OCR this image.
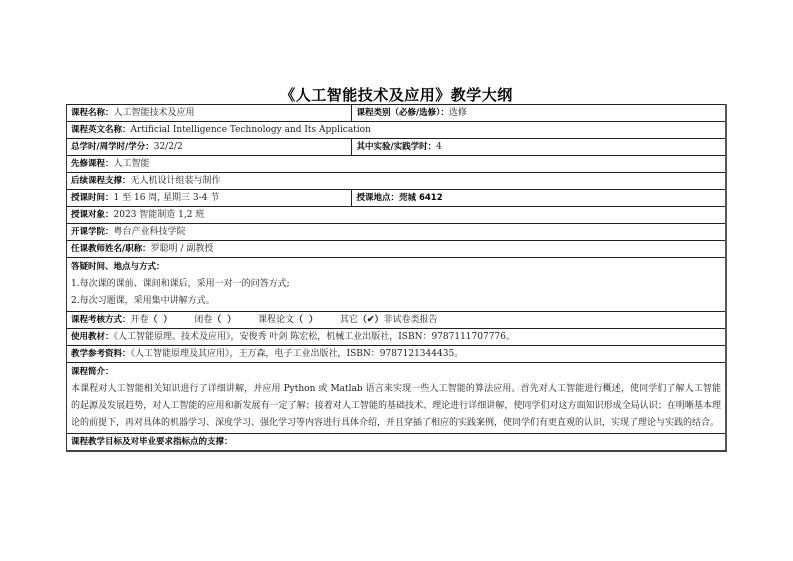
《人工智能技术及应用》教学大纲
课程名称：人工智能技术及应用	课程类别（必修/选修）：选修
课程英文名称：Artificial Intelligence Technology and Its Application	
总学时/周学时/学分：32/2/2	其中实验/实践学时：4
先修课程：人工智能	
后续课程支撑：无人机设计组装与制作	
授课时间：1 至 16 周, 星期三 3-4 节	授课地点：莞城 6412
授课对象：2023 智能制造 1,2 班	
开课学院：粤台产业科技学院	
任课教师姓名/职称：罗聪明 / 副教授	

答疑时间、地点与方式：
1.每次课的课前、课间和课后，采用一对一的问答方式;
2.每次习题课，采用集中讲解方式。	

课程考核方式：开卷（ ） 闭卷（ ） 课程论文（ ） 其它（✔）非试卷类报告	
使用教材：《人工智能原理、技术及应用》，安俊秀 叶剑 陈宏松，机械工业出版社，ISBN：9787111707776。	
教学参考资料：《人工智能原理及其应用》，王万森，电子工业出版社，ISBN：9787121344435。	

课程简介：
本课程对人工智能相关知识进行了详细讲解，并应用 Python 或 Matlab 语言来实现一些人工智能的算法应用。首先对人工智能进行概述，使同学们了解人工智能的起源及发展趋势，对人工智能的应用和新发展有一定了解；接着对人工智能的基础技术、理论进行详细讲解，使同学们对这方面知识形成全局认识；在明晰基本理论的前提下，再对具体的机器学习、深度学习、强化学习等内容进行具体介绍，并且穿插了相应的实践案例，使同学们有更直观的认识，实现了理论与实践的结合。	

课程教学目标及对毕业要求指标点的支撑：	
